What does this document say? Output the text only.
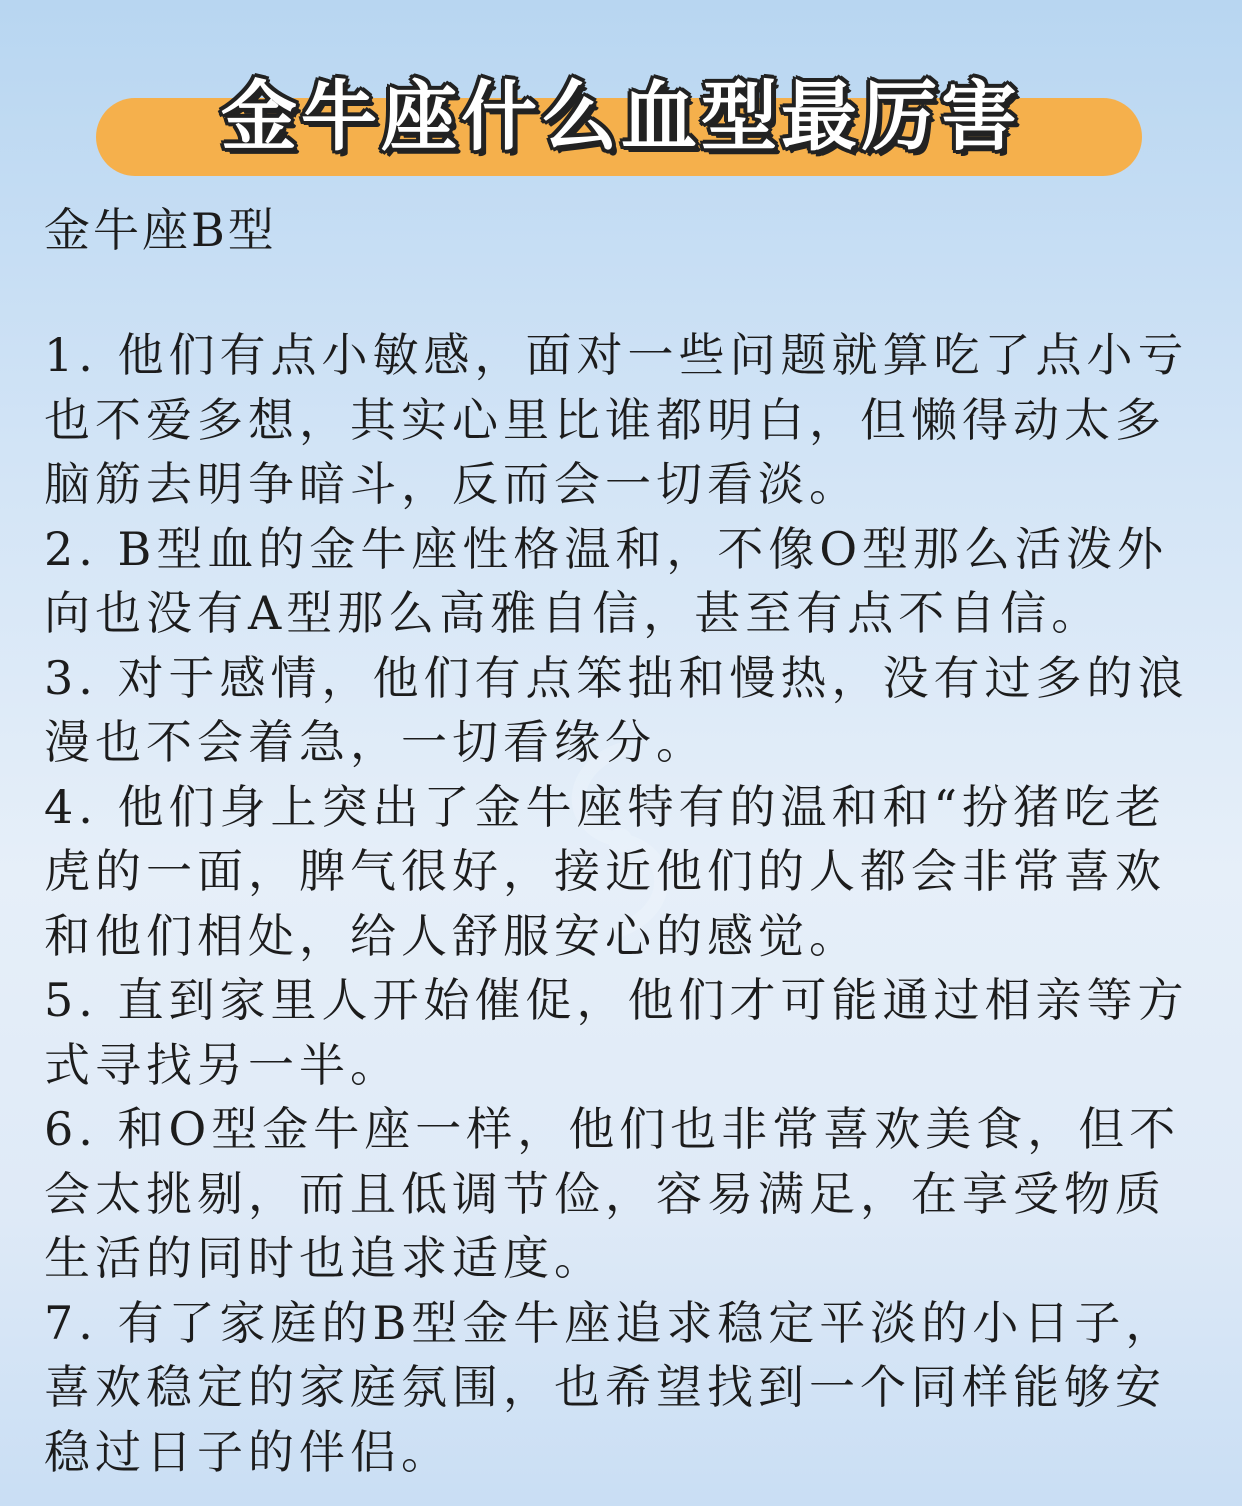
金牛座什么血型最厉害
金牛座B型

1. 他们有点小敏感，面对一些问题就算吃了点小亏也不爱多想，其实心里比谁都明白，但懒得动太多脑筋去明争暗斗，反而会一切看淡。

2. B型血的金牛座性格温和，不像O型那么活泼外向也没有A型那么高雅自信，甚至有点不自信。

3. 对于感情，他们有点笨拙和慢热，没有过多的浪漫也不会着急，一切看缘分。

4. 他们身上突出了金牛座特有的温和和“扮猪吃老虎的一面，脾气很好，接近他们的人都会非常喜欢和他们相处，给人舒服安心的感觉。

5. 直到家里人开始催促，他们才可能通过相亲等方式寻找另一半。

6. 和O型金牛座一样，他们也非常喜欢美食，但不会太挑剔，而且低调节俭，容易满足，在享受物质生活的同时也追求适度。

7. 有了家庭的B型金牛座追求稳定平淡的小日子，喜欢稳定的家庭氛围，也希望找到一个同样能够安稳过日子的伴侣。
